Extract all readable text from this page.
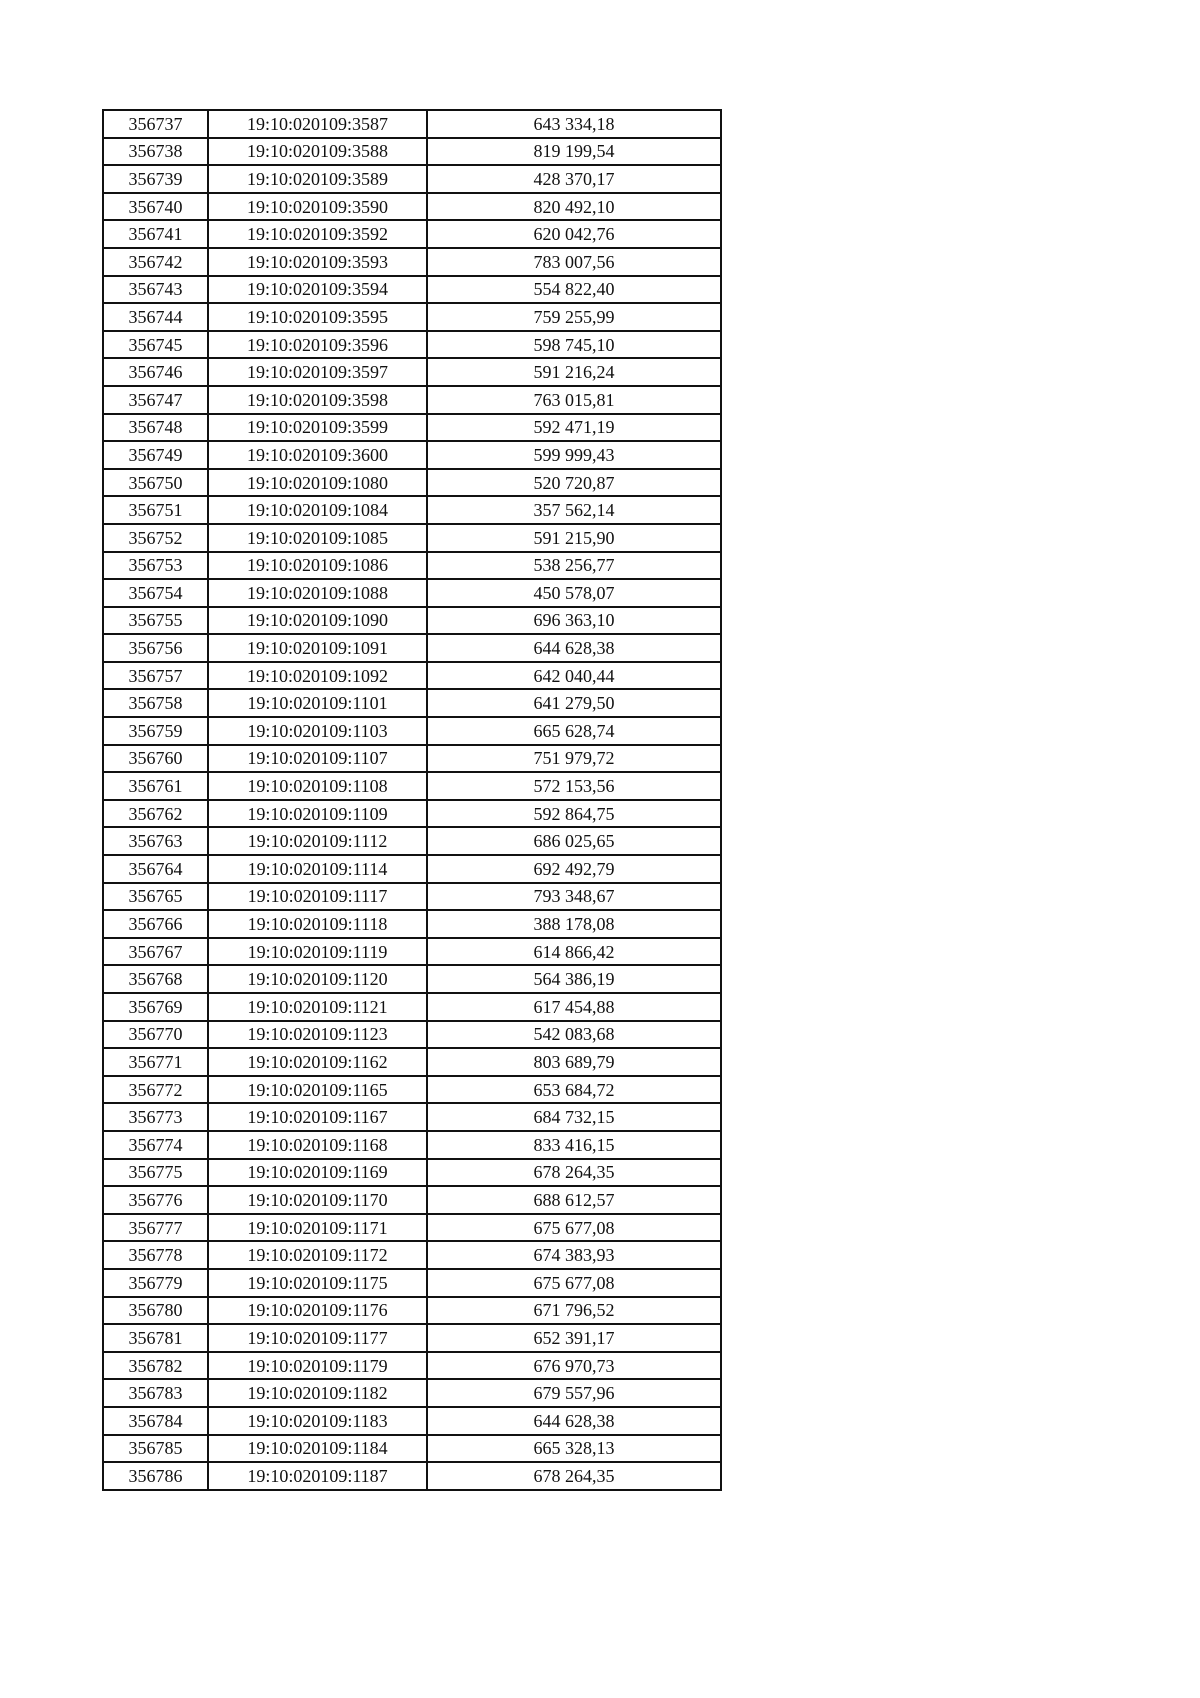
356737	19:10:020109:3587	643 334,18
356738	19:10:020109:3588	819 199,54
356739	19:10:020109:3589	428 370,17
356740	19:10:020109:3590	820 492,10
356741	19:10:020109:3592	620 042,76
356742	19:10:020109:3593	783 007,56
356743	19:10:020109:3594	554 822,40
356744	19:10:020109:3595	759 255,99
356745	19:10:020109:3596	598 745,10
356746	19:10:020109:3597	591 216,24
356747	19:10:020109:3598	763 015,81
356748	19:10:020109:3599	592 471,19
356749	19:10:020109:3600	599 999,43
356750	19:10:020109:1080	520 720,87
356751	19:10:020109:1084	357 562,14
356752	19:10:020109:1085	591 215,90
356753	19:10:020109:1086	538 256,77
356754	19:10:020109:1088	450 578,07
356755	19:10:020109:1090	696 363,10
356756	19:10:020109:1091	644 628,38
356757	19:10:020109:1092	642 040,44
356758	19:10:020109:1101	641 279,50
356759	19:10:020109:1103	665 628,74
356760	19:10:020109:1107	751 979,72
356761	19:10:020109:1108	572 153,56
356762	19:10:020109:1109	592 864,75
356763	19:10:020109:1112	686 025,65
356764	19:10:020109:1114	692 492,79
356765	19:10:020109:1117	793 348,67
356766	19:10:020109:1118	388 178,08
356767	19:10:020109:1119	614 866,42
356768	19:10:020109:1120	564 386,19
356769	19:10:020109:1121	617 454,88
356770	19:10:020109:1123	542 083,68
356771	19:10:020109:1162	803 689,79
356772	19:10:020109:1165	653 684,72
356773	19:10:020109:1167	684 732,15
356774	19:10:020109:1168	833 416,15
356775	19:10:020109:1169	678 264,35
356776	19:10:020109:1170	688 612,57
356777	19:10:020109:1171	675 677,08
356778	19:10:020109:1172	674 383,93
356779	19:10:020109:1175	675 677,08
356780	19:10:020109:1176	671 796,52
356781	19:10:020109:1177	652 391,17
356782	19:10:020109:1179	676 970,73
356783	19:10:020109:1182	679 557,96
356784	19:10:020109:1183	644 628,38
356785	19:10:020109:1184	665 328,13
356786	19:10:020109:1187	678 264,35
